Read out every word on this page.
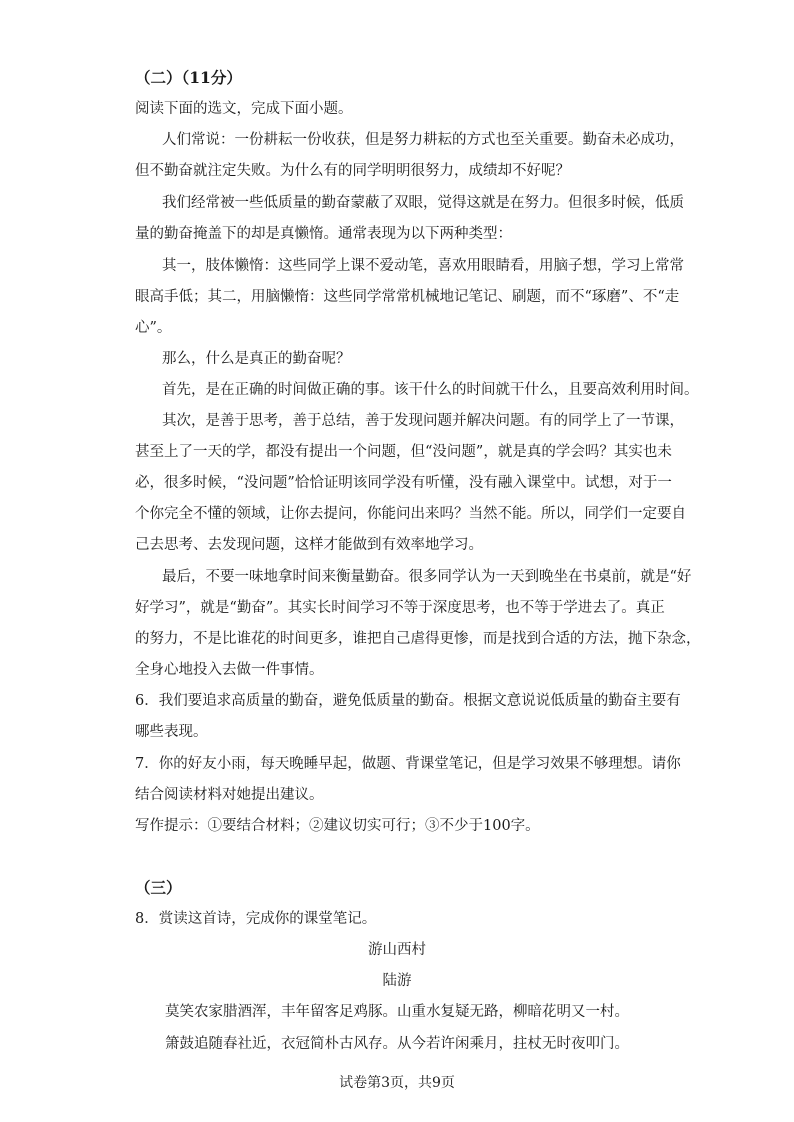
（二）（11分）
阅读下面的选文，完成下面小题。
人们常说：一份耕耘一份收获，但是努力耕耘的方式也至关重要。勤奋未必成功，
但不勤奋就注定失败。为什么有的同学明明很努力，成绩却不好呢？
我们经常被一些低质量的勤奋蒙蔽了双眼，觉得这就是在努力。但很多时候，低质
量的勤奋掩盖下的却是真懒惰。通常表现为以下两种类型：
其一，肢体懒惰：这些同学上课不爱动笔，喜欢用眼睛看，用脑子想，学习上常常
眼高手低；其二，用脑懒惰：这些同学常常机械地记笔记、刷题，而不“琢磨”、不“走
心”。
那么，什么是真正的勤奋呢？
首先，是在正确的时间做正确的事。该干什么的时间就干什么，且要高效利用时间。
其次，是善于思考，善于总结，善于发现问题并解决问题。有的同学上了一节课，
甚至上了一天的学，都没有提出一个问题，但“没问题”，就是真的学会吗？其实也未
必，很多时候，“没问题”恰恰证明该同学没有听懂，没有融入课堂中。试想，对于一
个你完全不懂的领域，让你去提问，你能问出来吗？当然不能。所以，同学们一定要自
己去思考、去发现问题，这样才能做到有效率地学习。
最后，不要一味地拿时间来衡量勤奋。很多同学认为一天到晚坐在书桌前，就是“好
好学习”，就是“勤奋”。其实长时间学习不等于深度思考，也不等于学进去了。真正
的努力，不是比谁花的时间更多，谁把自己虐得更惨，而是找到合适的方法，抛下杂念，
全身心地投入去做一件事情。
6．我们要追求高质量的勤奋，避免低质量的勤奋。根据文意说说低质量的勤奋主要有
哪些表现。
7．你的好友小雨，每天晚睡早起，做题、背课堂笔记，但是学习效果不够理想。请你
结合阅读材料对她提出建议。
写作提示：①要结合材料；②建议切实可行；③不少于100字。
（三）
8．赏读这首诗，完成你的课堂笔记。
游山西村
陆游
莫笑农家腊酒浑，丰年留客足鸡豚。山重水复疑无路，柳暗花明又一村。
箫鼓追随春社近，衣冠简朴古风存。从今若许闲乘月，拄杖无时夜叩门。
试卷第3页，共9页
